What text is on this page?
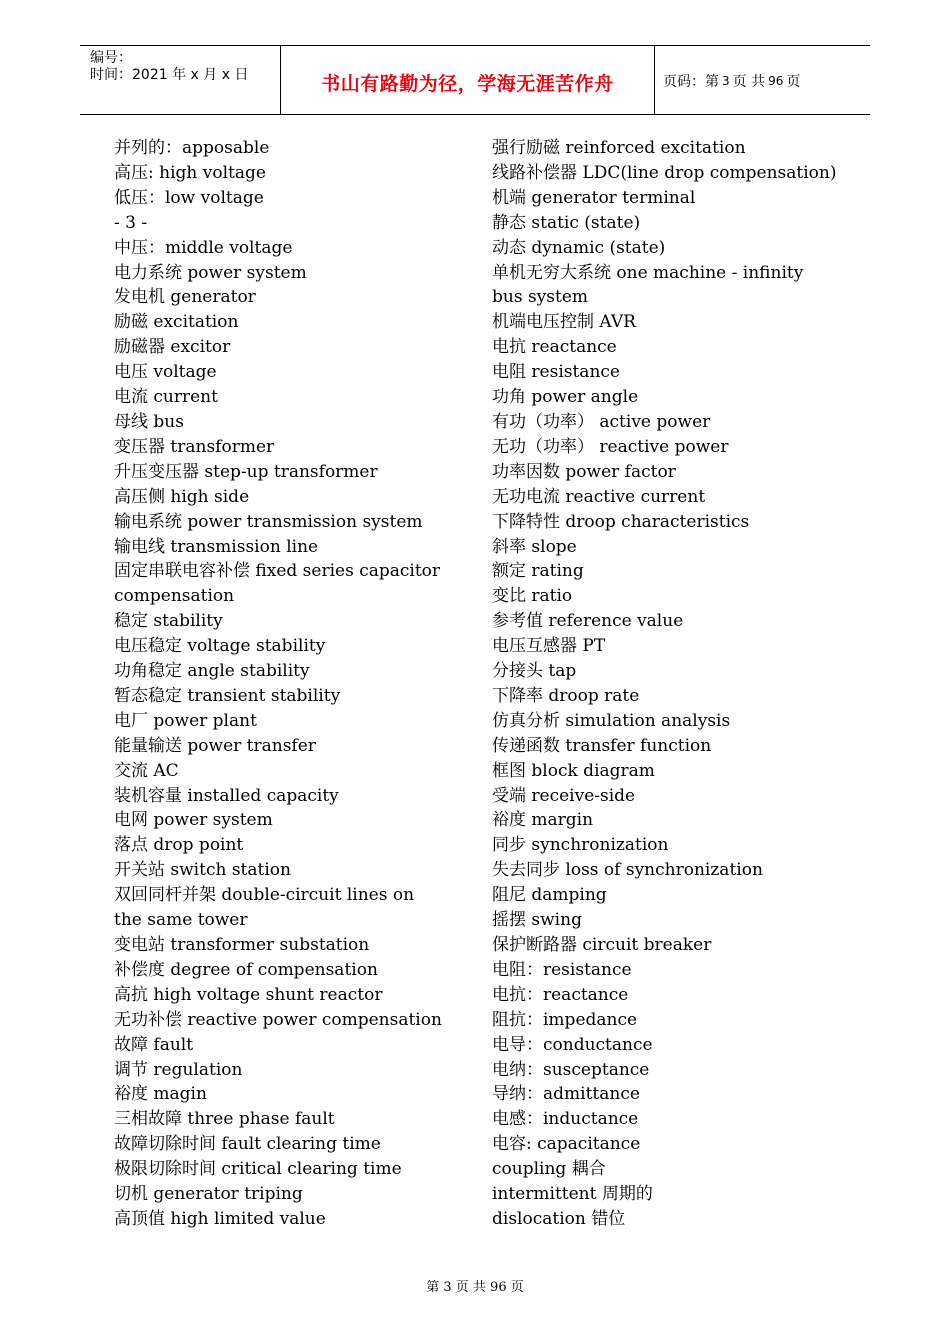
编号：
时间：2021 年 x 月 x 日	书山有路勤为径，学海无涯苦作舟	页码：第 3 页 共 96 页
并列的：apposable
高压: high voltage
低压：low voltage
- 3 -
中压：middle voltage
电力系统 power system
发电机 generator
励磁 excitation
励磁器 excitor
电压 voltage
电流 current
母线 bus
变压器 transformer
升压变压器 step-up transformer
高压侧 high side
输电系统 power transmission system
输电线 transmission line
固定串联电容补偿 fixed series capacitor compensation
稳定 stability
电压稳定 voltage stability
功角稳定 angle stability
暂态稳定 transient stability
电厂 power plant
能量输送 power transfer
交流 AC
装机容量 installed capacity
电网 power system
落点 drop point
开关站 switch station
双回同杆并架 double-circuit lines on the same tower
变电站 transformer substation
补偿度 degree of compensation
高抗 high voltage shunt reactor
无功补偿 reactive power compensation
故障 fault
调节 regulation
裕度 magin
三相故障 three phase fault
故障切除时间 fault clearing time
极限切除时间 critical clearing time
切机 generator triping
高顶值 high limited value
强行励磁 reinforced excitation
线路补偿器 LDC(line drop compensation)
机端 generator terminal
静态 static (state)
动态 dynamic (state)
单机无穷大系统 one machine - infinity bus system
机端电压控制 AVR
电抗 reactance
电阻 resistance
功角 power angle
有功（功率） active power
无功（功率） reactive power
功率因数 power factor
无功电流 reactive current
下降特性 droop characteristics
斜率 slope
额定 rating
变比 ratio
参考值 reference value
电压互感器 PT
分接头 tap
下降率 droop rate
仿真分析 simulation analysis
传递函数 transfer function
框图 block diagram
受端 receive-side
裕度 margin
同步 synchronization
失去同步 loss of synchronization
阻尼 damping
摇摆 swing
保护断路器 circuit breaker
电阻：resistance
电抗：reactance
阻抗：impedance
电导：conductance
电纳：susceptance
导纳：admittance
电感：inductance
电容: capacitance
coupling 耦合
intermittent 周期的
dislocation 错位
第 3 页 共 96 页
